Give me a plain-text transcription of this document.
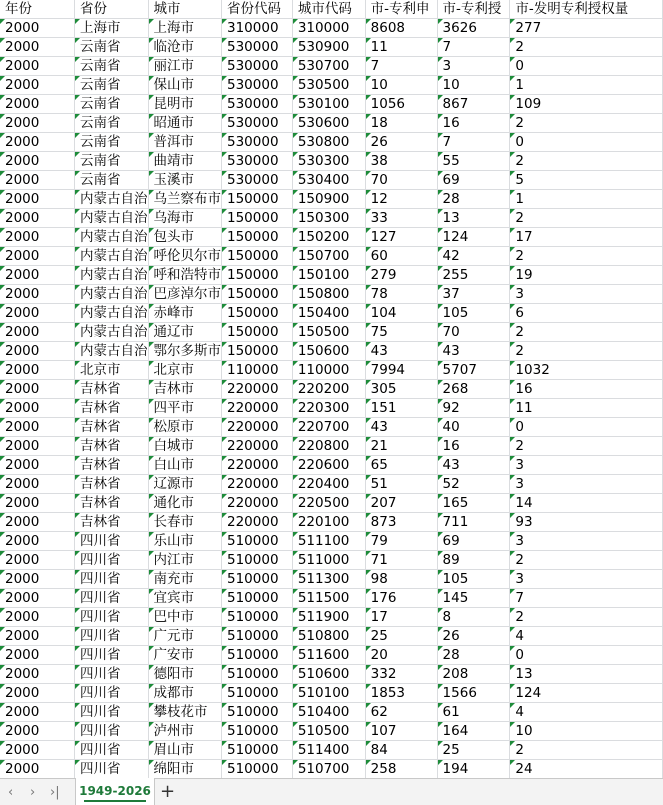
年份	省份	城市	省份代码	城市代码	市-专利申	市-专利授	市-发明专利授权量

2000	上海市	上海市	310000	310000	8608	3626	277

2000	云南省	临沧市	530000	530900	11	7	2

2000	云南省	丽江市	530000	530700	7	3	0

2000	云南省	保山市	530000	530500	10	10	1

2000	云南省	昆明市	530000	530100	1056	867	109

2000	云南省	昭通市	530000	530600	18	16	2

2000	云南省	普洱市	530000	530800	26	7	0

2000	云南省	曲靖市	530000	530300	38	55	2

2000	云南省	玉溪市	530000	530400	70	69	5

2000	内蒙古自治	乌兰察布市	150000	150900	12	28	1

2000	内蒙古自治	乌海市	150000	150300	33	13	2

2000	内蒙古自治	包头市	150000	150200	127	124	17

2000	内蒙古自治	呼伦贝尔市	150000	150700	60	42	2

2000	内蒙古自治	呼和浩特市	150000	150100	279	255	19

2000	内蒙古自治	巴彦淖尔市	150000	150800	78	37	3

2000	内蒙古自治	赤峰市	150000	150400	104	105	6

2000	内蒙古自治	通辽市	150000	150500	75	70	2

2000	内蒙古自治	鄂尔多斯市	150000	150600	43	43	2

2000	北京市	北京市	110000	110000	7994	5707	1032

2000	吉林省	吉林市	220000	220200	305	268	16

2000	吉林省	四平市	220000	220300	151	92	11

2000	吉林省	松原市	220000	220700	43	40	0

2000	吉林省	白城市	220000	220800	21	16	2

2000	吉林省	白山市	220000	220600	65	43	3

2000	吉林省	辽源市	220000	220400	51	52	3

2000	吉林省	通化市	220000	220500	207	165	14

2000	吉林省	长春市	220000	220100	873	711	93

2000	四川省	乐山市	510000	511100	79	69	3

2000	四川省	内江市	510000	511000	71	89	2

2000	四川省	南充市	510000	511300	98	105	3

2000	四川省	宜宾市	510000	511500	176	145	7

2000	四川省	巴中市	510000	511900	17	8	2

2000	四川省	广元市	510000	510800	25	26	4

2000	四川省	广安市	510000	511600	20	28	0

2000	四川省	德阳市	510000	510600	332	208	13

2000	四川省	成都市	510000	510100	1853	1566	124

2000	四川省	攀枝花市	510000	510400	62	61	4

2000	四川省	泸州市	510000	510500	107	164	10

2000	四川省	眉山市	510000	511400	84	25	2

2000	四川省	绵阳市	510000	510700	258	194	24

‹ › ›|	1949-2026 +
